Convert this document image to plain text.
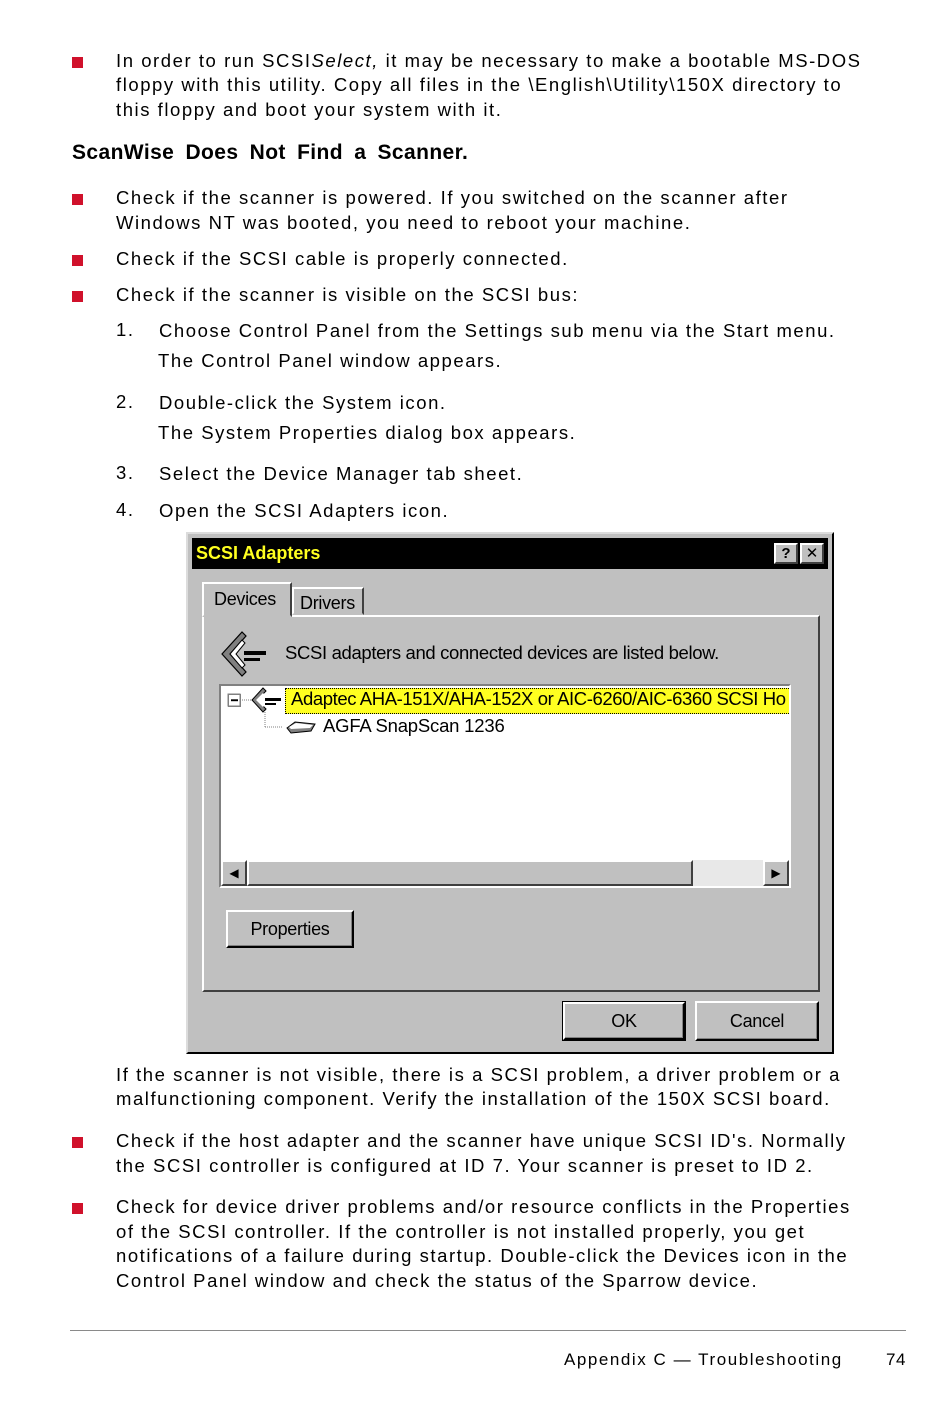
In order to run SCSISelect, it may be necessary to make a bootable MS-DOS
floppy with this utility. Copy all files in the \English\Utility\150X directory to
this floppy and boot your system with it.
ScanWise Does Not Find a Scanner.
Check if the scanner is powered. If you switched on the scanner after
Windows NT was booted, you need to reboot your machine.
Check if the SCSI cable is properly connected.
Check if the scanner is visible on the SCSI bus:
1. Choose Control Panel from the Settings sub menu via the Start menu.
The Control Panel window appears.
2. Double-click the System icon.
The System Properties dialog box appears.
3. Select the Device Manager tab sheet.
4. Open the SCSI Adapters icon.
SCSI Adapters	?	✕
Devices	Drivers
SCSI adapters and connected devices are listed below.
Adaptec AHA-151X/AHA-152X or AIC-6260/AIC-6360 SCSI Ho
AGFA SnapScan 1236
◀	▶
Properties
OK	Cancel
If the scanner is not visible, there is a SCSI problem, a driver problem or a
malfunctioning component. Verify the installation of the 150X SCSI board.
Check if the host adapter and the scanner have unique SCSI ID's. Normally
the SCSI controller is configured at ID 7. Your scanner is preset to ID 2.
Check for device driver problems and/or resource conflicts in the Properties
of the SCSI controller. If the controller is not installed properly, you get
notifications of a failure during startup. Double-click the Devices icon in the
Control Panel window and check the status of the Sparrow device.
Appendix C — Troubleshooting	74
